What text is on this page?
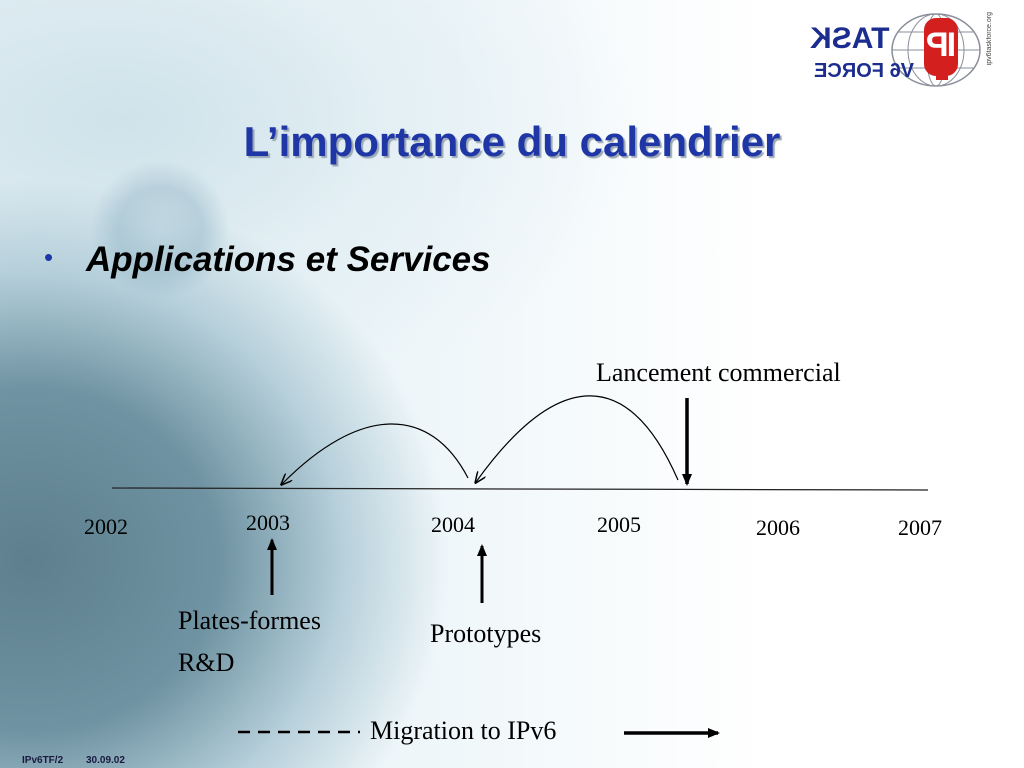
IP
TASK
V6 FORCE
ipv6taskforce.org
L’importance du calendrier
• Applications et Services
Lancement commercial
2002	2003	2004	2005	2006	2007
Plates-formes
R&D
Prototypes
Migration to IPv6
IPv6TF/2 30.09.02
